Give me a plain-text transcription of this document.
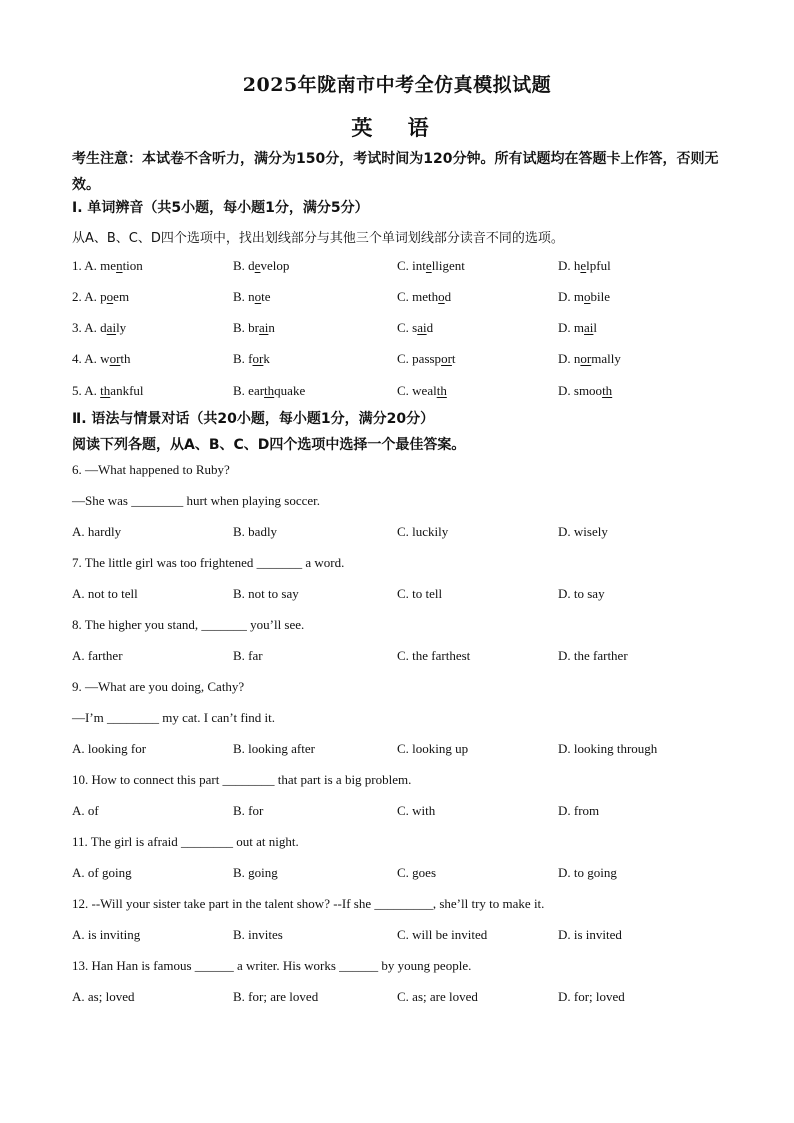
2025年陇南市中考全仿真模拟试题
英 语
考生注意：本试卷不含听力，满分为150分，考试时间为120分钟。所有试题均在答题卡上作答，否则无效。
Ⅰ. 单词辨音（共5小题，每小题1分，满分5分）
从A、B、C、D四个选项中，找出划线部分与其他三个单词划线部分读音不同的选项。
1. A. mention	B. develop	C. intelligent	D. helpful
2. A. poem	B. note	C. method	D. mobile
3. A. daily	B. brain	C. said	D. mail
4. A. worth	B. fork	C. passport	D. normally
5. A. thankful	B. earthquake	C. wealth	D. smooth
Ⅱ. 语法与情景对话（共20小题，每小题1分，满分20分）
阅读下列各题，从A、B、C、D四个选项中选择一个最佳答案。
6. —What happened to Ruby?
—She was ________ hurt when playing soccer.
A. hardly	B. badly	C. luckily	D. wisely
7. The little girl was too frightened _______ a word.
A. not to tell	B. not to say	C. to tell	D. to say
8. The higher you stand, _______ you’ll see.
A. farther	B. far	C. the farthest	D. the farther
9. —What are you doing, Cathy?
—I’m ________ my cat. I can’t find it.
A. looking for	B. looking after	C. looking up	D. looking through
10. How to connect this part ________ that part is a big problem.
A. of	B. for	C. with	D. from
11. The girl is afraid ________ out at night.
A. of going	B. going	C. goes	D. to going
12. --Will your sister take part in the talent show? --If she _________, she’ll try to make it.
A. is inviting	B. invites	C. will be invited	D. is invited
13. Han Han is famous ______ a writer. His works ______ by young people.
A. as; loved	B. for; are loved	C. as; are loved	D. for; loved
